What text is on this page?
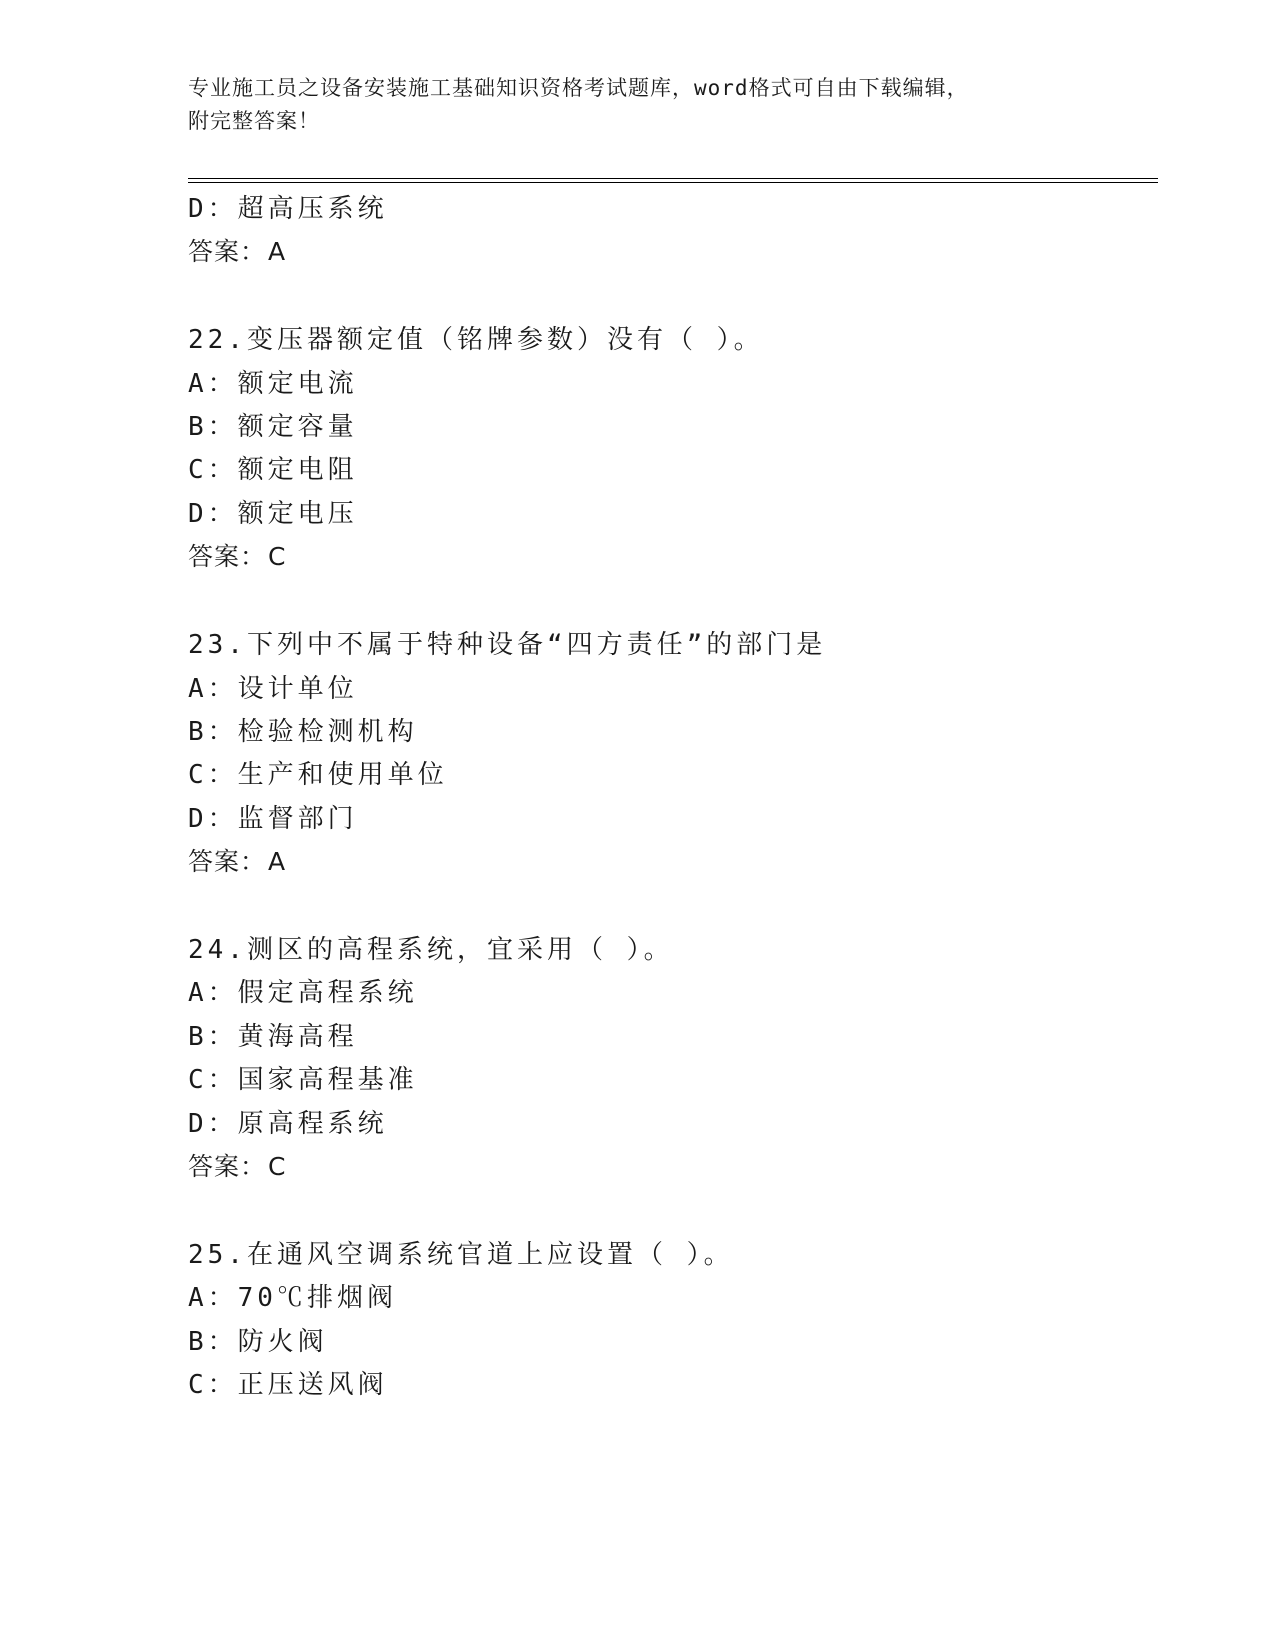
专业施工员之设备安装施工基础知识资格考试题库，word格式可自由下载编辑，
附完整答案！
D：超高压系统
答案：A
22.变压器额定值（铭牌参数）没有（ ）。
A：额定电流
B：额定容量
C：额定电阻
D：额定电压
答案：C
23.下列中不属于特种设备“四方责任”的部门是
A：设计单位
B：检验检测机构
C：生产和使用单位
D：监督部门
答案：A
24.测区的高程系统，宜采用（ ）。
A：假定高程系统
B：黄海高程
C：国家高程基准
D：原高程系统
答案：C
25.在通风空调系统官道上应设置（ ）。
A：70℃排烟阀
B：防火阀
C：正压送风阀
